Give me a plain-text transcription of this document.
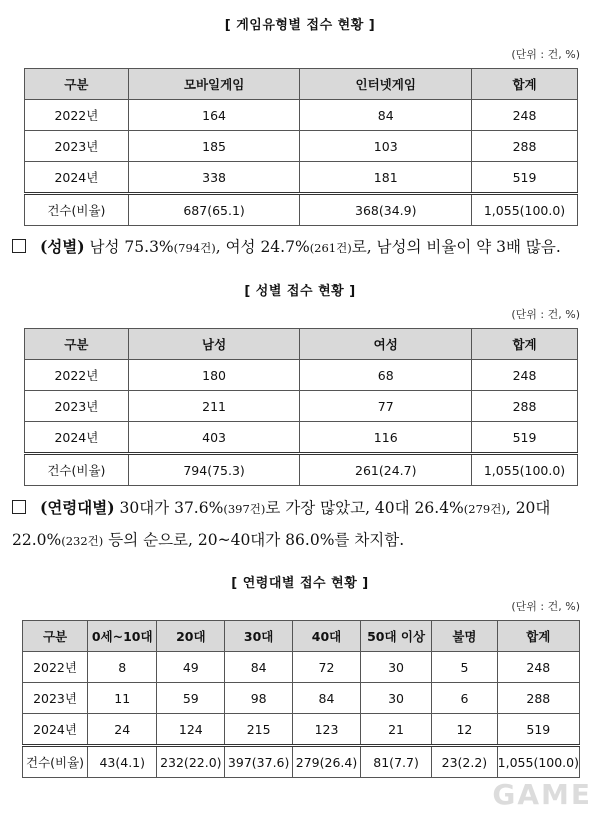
[ 게임유형별 접수 현황 ]
(단위 : 건, %)
구분	모바일게임	인터넷게임	합계
2022년	164	84	248
2023년	185	103	288
2024년	338	181	519
건수(비율)	687(65.1)	368(34.9)	1,055(100.0)
(성별) 남성 75.3%(794건), 여성 24.7%(261건)로, 남성의 비율이 약 3배 많음.
[ 성별 접수 현황 ]
(단위 : 건, %)
구분	남성	여성	합계
2022년	180	68	248
2023년	211	77	288
2024년	403	116	519
건수(비율)	794(75.3)	261(24.7)	1,055(100.0)
(연령대별) 30대가 37.6%(397건)로 가장 많았고, 40대 26.4%(279건), 20대 22.0%(232건) 등의 순으로, 20~40대가 86.0%를 차지함.
[ 연령대별 접수 현황 ]
(단위 : 건, %)
구분	0세~10대	20대	30대	40대	50대 이상	불명	합계
2022년	8	49	84	72	30	5	248
2023년	11	59	98	84	30	6	288
2024년	24	124	215	123	21	12	519
건수(비율)	43(4.1)	232(22.0)	397(37.6)	279(26.4)	81(7.7)	23(2.2)	1,055(100.0)
GAME
